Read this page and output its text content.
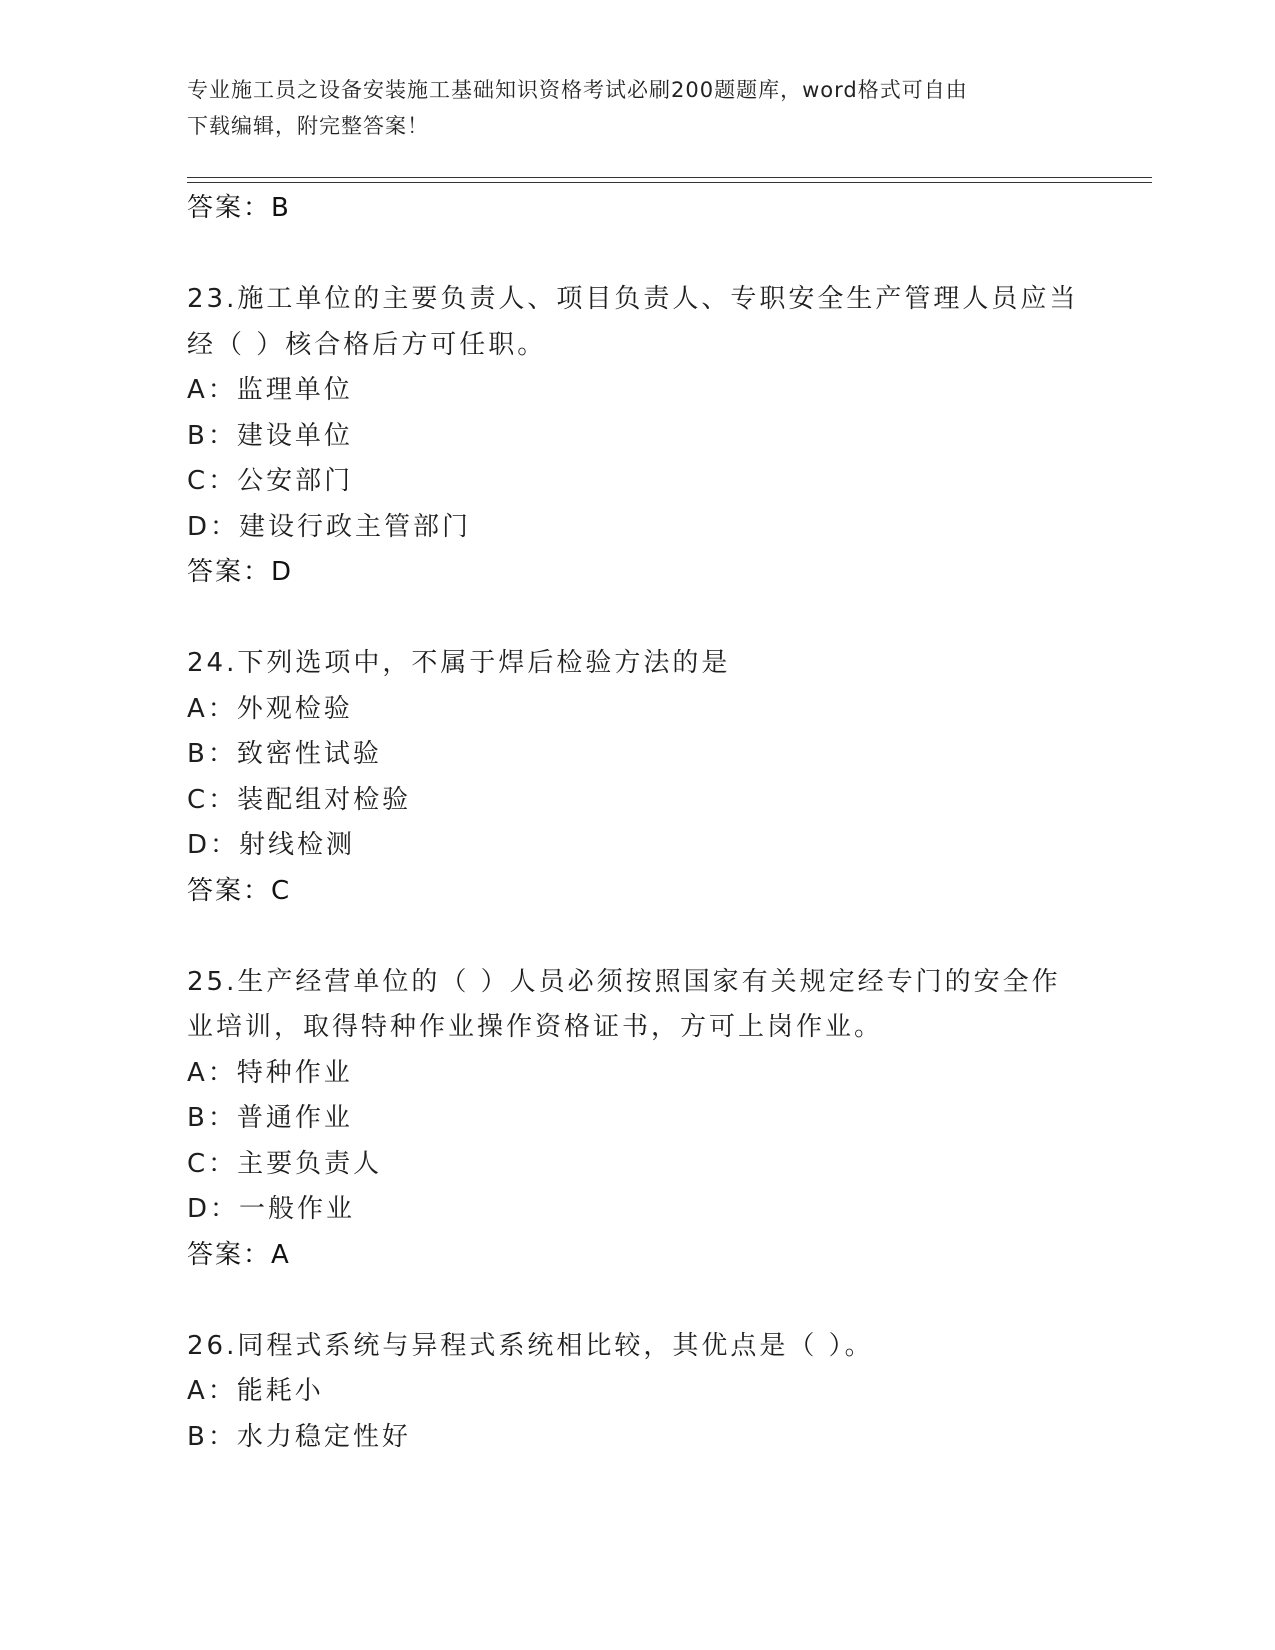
专业施工员之设备安装施工基础知识资格考试必刷200题题库，word格式可自由
下载编辑，附完整答案！
答案：B
23.施工单位的主要负责人、项目负责人、专职安全生产管理人员应当
经（ ）核合格后方可任职。
A：监理单位
B：建设单位
C：公安部门
D：建设行政主管部门
答案：D
24.下列选项中，不属于焊后检验方法的是
A：外观检验
B：致密性试验
C：装配组对检验
D：射线检测
答案：C
25.生产经营单位的（ ）人员必须按照国家有关规定经专门的安全作
业培训，取得特种作业操作资格证书，方可上岗作业。
A：特种作业
B：普通作业
C：主要负责人
D：一般作业
答案：A
26.同程式系统与异程式系统相比较，其优点是（ ）。
A：能耗小
B：水力稳定性好
